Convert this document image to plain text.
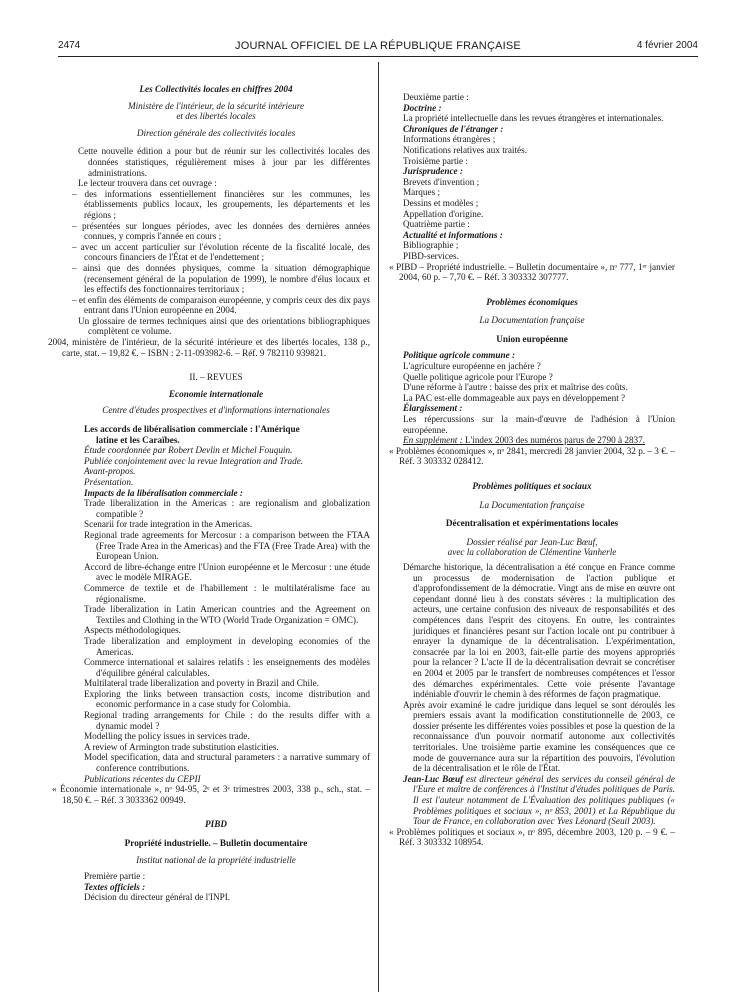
2474	JOURNAL OFFICIEL DE LA RÉPUBLIQUE FRANÇAISE	4 février 2004

Les Collectivités locales en chiffres 2004

Ministère de l'intérieur, de la sécurité intérieure

et des libertés locales

Direction générale des collectivités locales

Cette nouvelle édition a pour but de réunir sur les collectivités locales des données statistiques, régulièrement mises à jour par les différentes administrations.

Le lecteur trouvera dans cet ouvrage :

– des informations essentiellement financières sur les communes, les établissements publics locaux, les groupements, les départements et les régions ;

– présentées sur longues périodes, avec les données des dernières années connues, y compris l'année en cours ;

– avec un accent particulier sur l'évolution récente de la fiscalité locale, des concours financiers de l'État et de l'endettement ;

– ainsi que des données physiques, comme la situation démographique (recensement général de la population de 1999), le nombre d'élus locaux et les effectifs des fonctionnaires territoriaux ;

– et enfin des éléments de comparaison européenne, y compris ceux des dix pays entrant dans l'Union européenne en 2004.

Un glossaire de termes techniques ainsi que des orientations bibliographiques complètent ce volume.

2004, ministère de l'intérieur, de la sécurité intérieure et des libertés locales, 138 p., carte, stat. – 19,82 €. – ISBN : 2-11-093982-6. – Réf. 9 782110 939821.

II. – REVUES

Economie internationale

Centre d'études prospectives et d'informations internationales

Les accords de libéralisation commerciale : l'Amérique
latine et les Caraïbes.

Étude coordonnée par Robert Devlin et Michel Fouquin.

Publiée conjointement avec la revue Integration and Trade.

Avant-propos.

Présentation.

Impacts de la libéralisation commerciale :

Trade liberalization in the Americas : are regionalism and globalization compatible ?

Scenarii for trade integration in the Americas.

Regional trade agreements for Mercosur : a comparison between the FTAA (Free Trade Area in the Americas) and the FTA (Free Trade Area) with the European Union.

Accord de libre-échange entre l'Union européenne et le Mercosur : une étude avec le modèle MIRAGE.

Commerce de textile et de l'habillement : le multilatéralisme face au régionalisme.

Trade liberalization in Latin American countries and the Agreement on Textiles and Clothing in the WTO (World Trade Organization = OMC).

Aspects méthodologiques.

Trade liberalization and employment in developing economies of the Americas.

Commerce international et salaires relatifs : les enseignements des modèles d'équilibre général calculables.

Multilateral trade liberalization and poverty in Brazil and Chile.

Exploring the links between transaction costs, income distribution and economic performance in a case study for Colombia.

Regional trading arrangements for Chile : do the results differ with a dynamic model ?

Modelling the policy issues in services trade.

A review of Armington trade substitution elasticities.

Model specification, data and structural parameters : a narrative summary of conference contributions.

Publications récentes du CEPII

« Économie internationale », nᵒ 94-95, 2ᵉ et 3ᵉ trimestres 2003, 338 p., sch., stat. – 18,50 €. – Réf. 3 3033362 00949.

PIBD

Propriété industrielle. – Bulletin documentaire

Institut national de la propriété industrielle

Première partie :

Textes officiels :

Décision du directeur général de l'INPI.

Deuxième partie :

Doctrine :

La propriété intellectuelle dans les revues étrangères et internationales.

Chroniques de l'étranger :

Informations étrangères ;

Notifications relatives aux traités.

Troisième partie :

Jurisprudence :

Brevets d'invention ;

Marques ;

Dessins et modèles ;

Appellation d'origine.

Quatrième partie :

Actualité et informations :

Bibliographie ;

PIBD-services.

« PIBD – Propriété industrielle. – Bulletin documentaire », nᵒ 777, 1ᵉʳ janvier 2004, 60 p. – 7,70 €. – Réf. 3 303332 307777.

Problèmes économiques

La Documentation française

Union européenne

Politique agricole commune :

L'agriculture européenne en jachère ?

Quelle politique agricole pour l'Europe ?

D'une réforme à l'autre : baisse des prix et maîtrise des coûts.

La PAC est-elle dommageable aux pays en développement ?

Élargissement :

Les répercussions sur la main-d'œuvre de l'adhésion à l'Union européenne.

En supplément : L'index 2003 des numéros parus de 2790 à 2837.

« Problèmes économiques », nᵒ 2841, mercredi 28 janvier 2004, 32 p. – 3 €. – Réf. 3 303332 028412.

Problèmes politiques et sociaux

La Documentation française

Décentralisation et expérimentations locales

Dossier réalisé par Jean-Luc Bœuf,

avec la collaboration de Clémentine Vanherle

Démarche historique, la décentralisation a été conçue en France comme un processus de modernisation de l'action publique et d'approfondissement de la démocratie. Vingt ans de mise en œuvre ont cependant donné lieu à des constats sévères : la multiplication des acteurs, une certaine confusion des niveaux de responsabilités et des compétences dans l'esprit des citoyens. En outre, les contraintes juridiques et financières pesant sur l'action locale ont pu contribuer à enrayer la dynamique de la décentralisation. L'expérimentation, consacrée par la loi en 2003, fait-elle partie des moyens appropriés pour la relancer ? L'acte II de la décentralisation devrait se concrétiser en 2004 et 2005 par le transfert de nombreuses compétences et l'essor des démarches expérimentales. Cette voie présente l'avantage indéniable d'ouvrir le chemin à des réformes de façon pragmatique.

Après avoir examiné le cadre juridique dans lequel se sont déroulés les premiers essais avant la modification constitutionnelle de 2003, ce dossier présente les différentes voies possibles et pose la question de la reconnaissance d'un pouvoir normatif autonome aux collectivités territoriales. Une troisième partie examine les conséquences que ce mode de gouvernance aura sur la répartition des pouvoirs, l'évolution de la décentralisation et le rôle de l'État.

Jean-Luc Bœuf est directeur général des services du conseil général de l'Eure et maître de conférences à l'Institut d'études politiques de Paris. Il est l'auteur notamment de L'Évaluation des politiques publiques (« Problèmes politiques et sociaux », nᵒ 853, 2001) et La République du Tour de France, en collaboration avec Yves Léonard (Seuil 2003).

« Problèmes politiques et sociaux », nᵒ 895, décembre 2003, 120 p. – 9 €. – Réf. 3 303332 108954.
